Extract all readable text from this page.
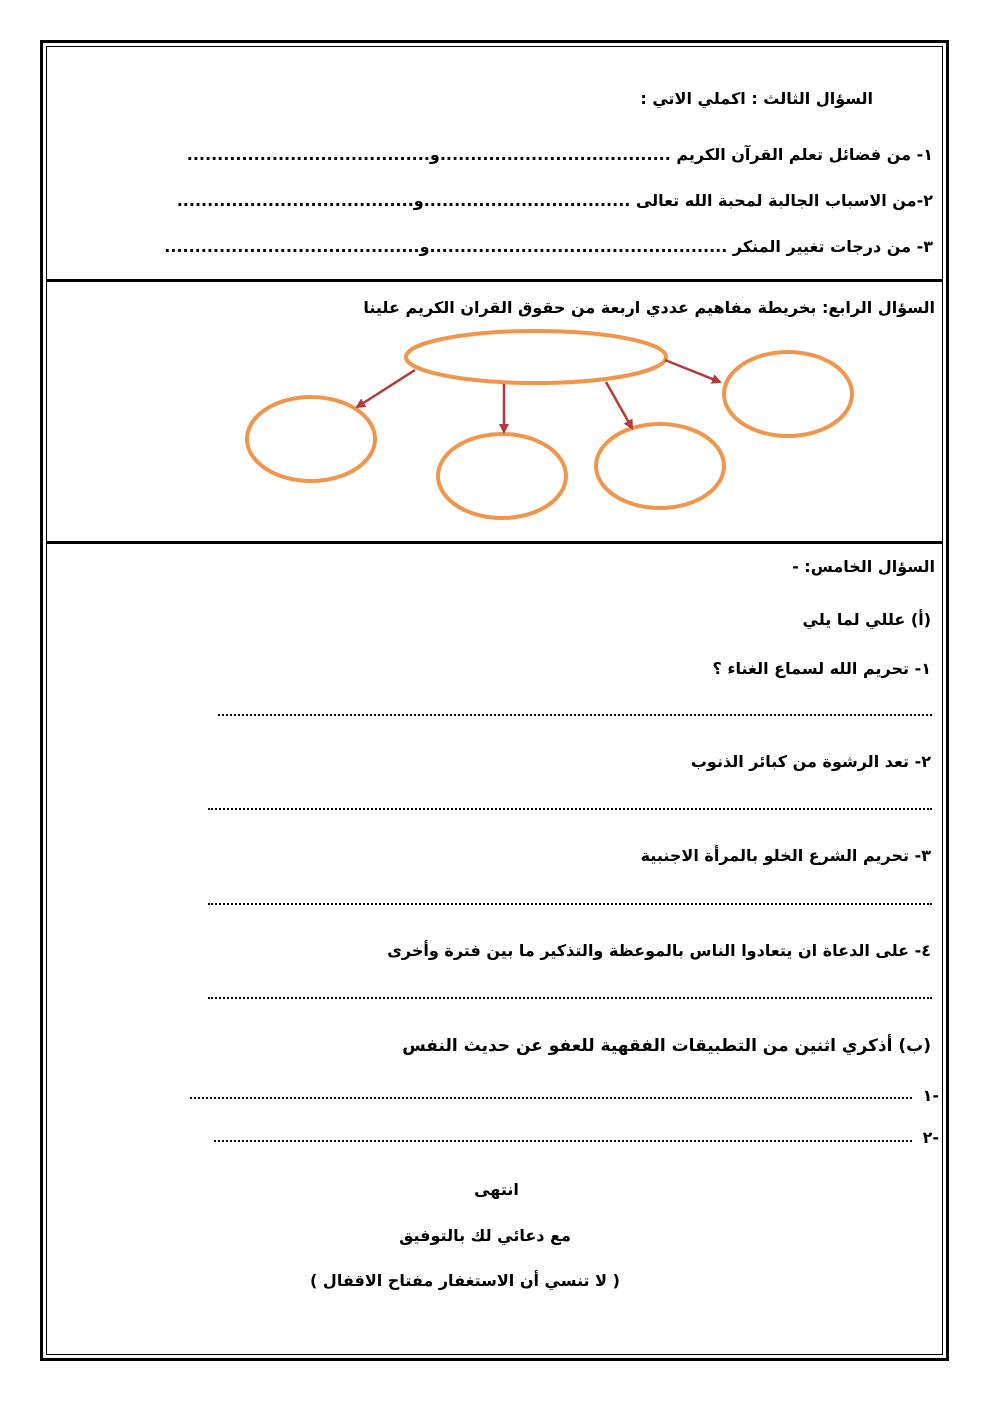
السؤال الثالث : اكملي الاتي :
١- من فضائل تعلم القرآن الكريم ......................................و........................................
٢-من الاسباب الجالبة لمحبة الله تعالى ..................................و.......................................
٣- من درجات تغيير المنكر .................................................و..........................................
السؤال الرابع: بخريطة مفاهيم عددي اربعة من حقوق القران الكريم علينا
السؤال الخامس: -
(أ) عللي لما يلي
١- تحريم الله لسماع الغناء ؟
٢- تعد الرشوة من كبائر الذنوب
٣- تحريم الشرع الخلو بالمرأة الاجنبية
٤- على الدعاة ان يتعادوا الناس بالموعظة والتذكير ما بين فترة وأخرى
(ب) أذكري اثنين من التطبيقات الفقهية للعفو عن حديث النفس
-١
-٢
انتهى
مع دعائي لك بالتوفيق
( لا تنسي أن الاستغفار مفتاح الاقفال )
